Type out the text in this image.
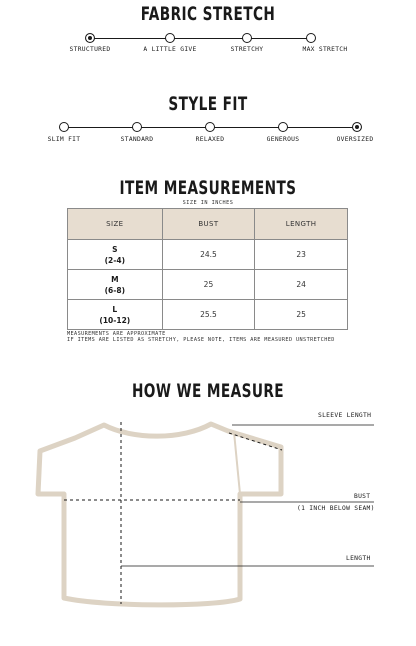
FABRIC STRETCH
STRUCTURED	A LITTLE GIVE	STRETCHY	MAX STRETCH
STYLE FIT
SLIM FIT	STANDARD	RELAXED	GENEROUS	OVERSIZED
ITEM MEASUREMENTS
SIZE IN INCHES
SIZE	BUST	LENGTH

S
(2-4)	24.5	23

M
(6-8)	25	24

L
(10-12)	25.5	25
MEASUREMENTS ARE APPROXIMATE
IF ITEMS ARE LISTED AS STRETCHY, PLEASE NOTE, ITEMS ARE MEASURED UNSTRETCHED
HOW WE MEASURE
SLEEVE LENGTH
BUST
(1 INCH BELOW SEAM)
LENGTH
